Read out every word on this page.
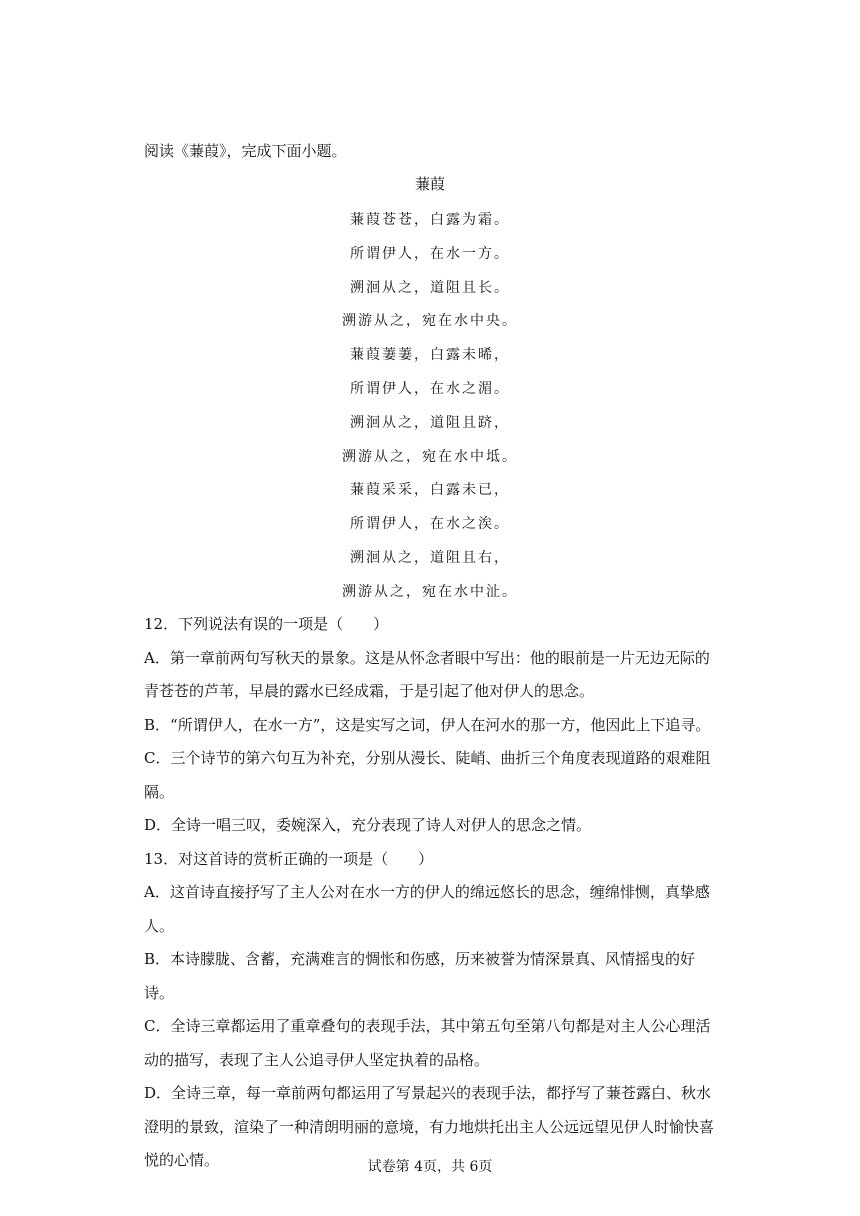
阅读《蒹葭》，完成下面小题。
蒹葭
蒹葭苍苍，白露为霜。
所谓伊人，在水一方。
溯洄从之，道阻且长。
溯游从之，宛在水中央。
蒹葭萋萋，白露未晞，
所谓伊人，在水之湄。
溯洄从之，道阻且跻，
溯游从之，宛在水中坻。
蒹葭采采，白露未已，
所谓伊人，在水之涘。
溯洄从之，道阻且右，
溯游从之，宛在水中沚。

12．下列说法有误的一项是（　　）

A．第一章前两句写秋天的景象。这是从怀念者眼中写出：他的眼前是一片无边无际的青苍苍的芦苇，早晨的露水已经成霜，于是引起了他对伊人的思念。

B．“所谓伊人，在水一方”，这是实写之词，伊人在河水的那一方，他因此上下追寻。

C．三个诗节的第六句互为补充，分别从漫长、陡峭、曲折三个角度表现道路的艰难阻隔。

D．全诗一唱三叹，委婉深入，充分表现了诗人对伊人的思念之情。

13．对这首诗的赏析正确的一项是（　　）

A．这首诗直接抒写了主人公对在水一方的伊人的绵远悠长的思念，缠绵悱恻，真挚感人。

B．本诗朦胧、含蓄，充满难言的惆怅和伤感，历来被誉为情深景真、风情摇曳的好诗。

C．全诗三章都运用了重章叠句的表现手法，其中第五句至第八句都是对主人公心理活动的描写，表现了主人公追寻伊人坚定执着的品格。

D．全诗三章，每一章前两句都运用了写景起兴的表现手法，都抒写了蒹苍露白、秋水澄明的景致，渲染了一种清朗明丽的意境，有力地烘托出主人公远远望见伊人时愉快喜悦的心情。	试卷第 4页，共 6页
